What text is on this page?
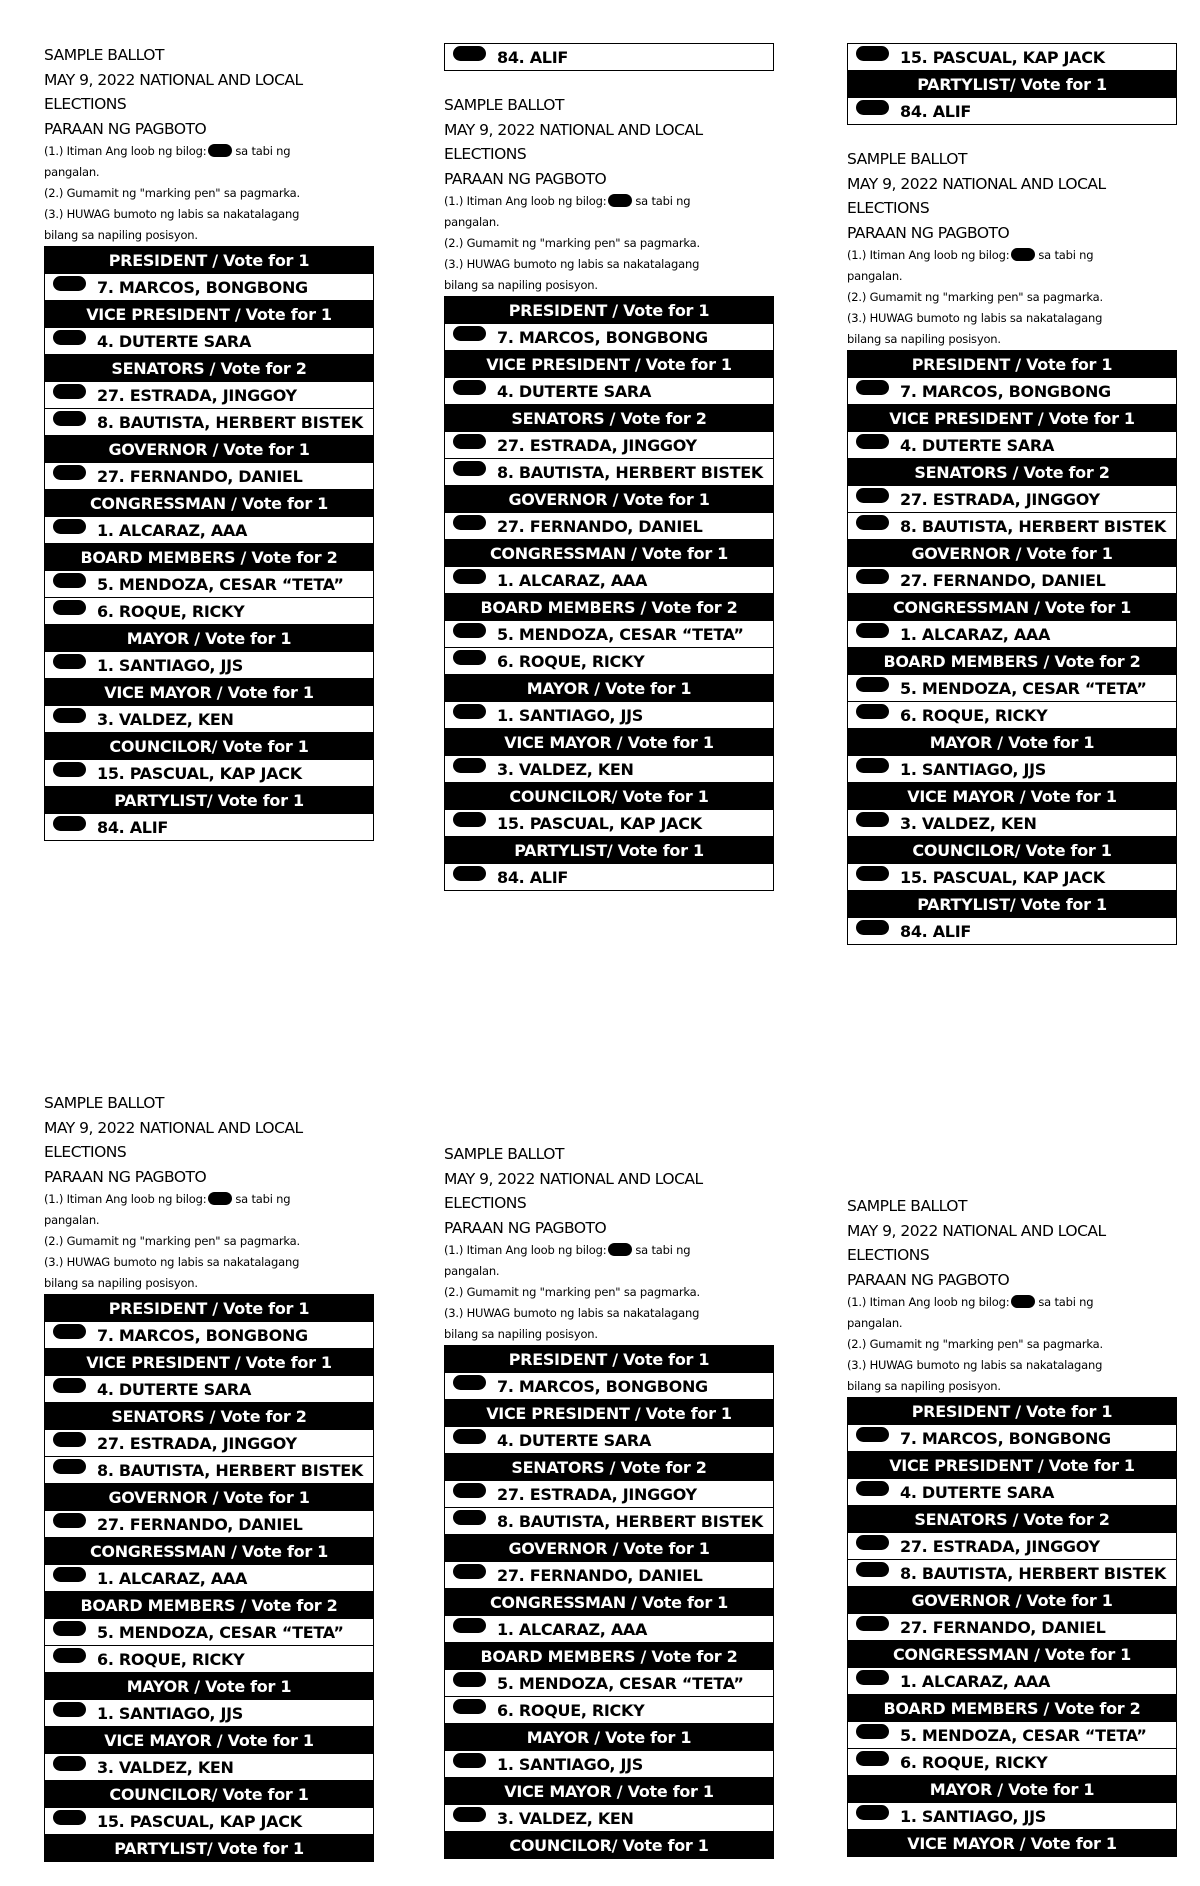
84. ALIF	15. PASCUAL, KAP JACK
PARTYLIST/ Vote for 1
84. ALIF
SAMPLE BALLOT
MAY 9, 2022 NATIONAL AND LOCAL
ELECTIONS
PARAAN NG PAGBOTO
(1.) Itiman Ang loob ng bilog:	sa tabi ng
pangalan.
(2.) Gumamit ng "marking pen" sa pagmarka.
(3.) HUWAG bumoto ng labis sa nakatalagang
bilang sa napiling posisyon.
PRESIDENT / Vote for 1
7. MARCOS, BONGBONG
VICE PRESIDENT / Vote for 1
4. DUTERTE SARA
SENATORS / Vote for 2
27. ESTRADA, JINGGOY
8. BAUTISTA, HERBERT BISTEK
GOVERNOR / Vote for 1
27. FERNANDO, DANIEL
CONGRESSMAN / Vote for 1
1. ALCARAZ, AAA
BOARD MEMBERS / Vote for 2
5. MENDOZA, CESAR “TETA”
6. ROQUE, RICKY
MAYOR / Vote for 1
1. SANTIAGO, JJS
VICE MAYOR / Vote for 1
3. VALDEZ, KEN
COUNCILOR/ Vote for 1
15. PASCUAL, KAP JACK
PARTYLIST/ Vote for 1
84. ALIF
SAMPLE BALLOT
MAY 9, 2022 NATIONAL AND LOCAL
ELECTIONS
PARAAN NG PAGBOTO
(1.) Itiman Ang loob ng bilog:	sa tabi ng
pangalan.
(2.) Gumamit ng "marking pen" sa pagmarka.
(3.) HUWAG bumoto ng labis sa nakatalagang
bilang sa napiling posisyon.
PRESIDENT / Vote for 1
7. MARCOS, BONGBONG
VICE PRESIDENT / Vote for 1
4. DUTERTE SARA
SENATORS / Vote for 2
27. ESTRADA, JINGGOY
8. BAUTISTA, HERBERT BISTEK
GOVERNOR / Vote for 1
27. FERNANDO, DANIEL
CONGRESSMAN / Vote for 1
1. ALCARAZ, AAA
BOARD MEMBERS / Vote for 2
5. MENDOZA, CESAR “TETA”
6. ROQUE, RICKY
MAYOR / Vote for 1
1. SANTIAGO, JJS
VICE MAYOR / Vote for 1
3. VALDEZ, KEN
COUNCILOR/ Vote for 1
15. PASCUAL, KAP JACK
PARTYLIST/ Vote for 1
84. ALIF
SAMPLE BALLOT
MAY 9, 2022 NATIONAL AND LOCAL
ELECTIONS
PARAAN NG PAGBOTO
(1.) Itiman Ang loob ng bilog:	sa tabi ng
pangalan.
(2.) Gumamit ng "marking pen" sa pagmarka.
(3.) HUWAG bumoto ng labis sa nakatalagang
bilang sa napiling posisyon.
PRESIDENT / Vote for 1
7. MARCOS, BONGBONG
VICE PRESIDENT / Vote for 1
4. DUTERTE SARA
SENATORS / Vote for 2
27. ESTRADA, JINGGOY
8. BAUTISTA, HERBERT BISTEK
GOVERNOR / Vote for 1
27. FERNANDO, DANIEL
CONGRESSMAN / Vote for 1
1. ALCARAZ, AAA
BOARD MEMBERS / Vote for 2
5. MENDOZA, CESAR “TETA”
6. ROQUE, RICKY
MAYOR / Vote for 1
1. SANTIAGO, JJS
VICE MAYOR / Vote for 1
3. VALDEZ, KEN
COUNCILOR/ Vote for 1
15. PASCUAL, KAP JACK
PARTYLIST/ Vote for 1
84. ALIF
SAMPLE BALLOT
MAY 9, 2022 NATIONAL AND LOCAL
ELECTIONS
PARAAN NG PAGBOTO
(1.) Itiman Ang loob ng bilog:	sa tabi ng
pangalan.
(2.) Gumamit ng "marking pen" sa pagmarka.
(3.) HUWAG bumoto ng labis sa nakatalagang
bilang sa napiling posisyon.
PRESIDENT / Vote for 1
7. MARCOS, BONGBONG
VICE PRESIDENT / Vote for 1
4. DUTERTE SARA
SENATORS / Vote for 2
27. ESTRADA, JINGGOY
8. BAUTISTA, HERBERT BISTEK
GOVERNOR / Vote for 1
27. FERNANDO, DANIEL
CONGRESSMAN / Vote for 1
1. ALCARAZ, AAA
BOARD MEMBERS / Vote for 2
5. MENDOZA, CESAR “TETA”
6. ROQUE, RICKY
MAYOR / Vote for 1
1. SANTIAGO, JJS
VICE MAYOR / Vote for 1
3. VALDEZ, KEN
COUNCILOR/ Vote for 1
15. PASCUAL, KAP JACK
PARTYLIST/ Vote for 1
SAMPLE BALLOT
MAY 9, 2022 NATIONAL AND LOCAL
ELECTIONS
PARAAN NG PAGBOTO
(1.) Itiman Ang loob ng bilog:	sa tabi ng
pangalan.
(2.) Gumamit ng "marking pen" sa pagmarka.
(3.) HUWAG bumoto ng labis sa nakatalagang
bilang sa napiling posisyon.
PRESIDENT / Vote for 1
7. MARCOS, BONGBONG
VICE PRESIDENT / Vote for 1
4. DUTERTE SARA
SENATORS / Vote for 2
27. ESTRADA, JINGGOY
8. BAUTISTA, HERBERT BISTEK
GOVERNOR / Vote for 1
27. FERNANDO, DANIEL
CONGRESSMAN / Vote for 1
1. ALCARAZ, AAA
BOARD MEMBERS / Vote for 2
5. MENDOZA, CESAR “TETA”
6. ROQUE, RICKY
MAYOR / Vote for 1
1. SANTIAGO, JJS
VICE MAYOR / Vote for 1
3. VALDEZ, KEN
COUNCILOR/ Vote for 1
SAMPLE BALLOT
MAY 9, 2022 NATIONAL AND LOCAL
ELECTIONS
PARAAN NG PAGBOTO
(1.) Itiman Ang loob ng bilog:	sa tabi ng
pangalan.
(2.) Gumamit ng "marking pen" sa pagmarka.
(3.) HUWAG bumoto ng labis sa nakatalagang
bilang sa napiling posisyon.
PRESIDENT / Vote for 1
7. MARCOS, BONGBONG
VICE PRESIDENT / Vote for 1
4. DUTERTE SARA
SENATORS / Vote for 2
27. ESTRADA, JINGGOY
8. BAUTISTA, HERBERT BISTEK
GOVERNOR / Vote for 1
27. FERNANDO, DANIEL
CONGRESSMAN / Vote for 1
1. ALCARAZ, AAA
BOARD MEMBERS / Vote for 2
5. MENDOZA, CESAR “TETA”
6. ROQUE, RICKY
MAYOR / Vote for 1
1. SANTIAGO, JJS
VICE MAYOR / Vote for 1
